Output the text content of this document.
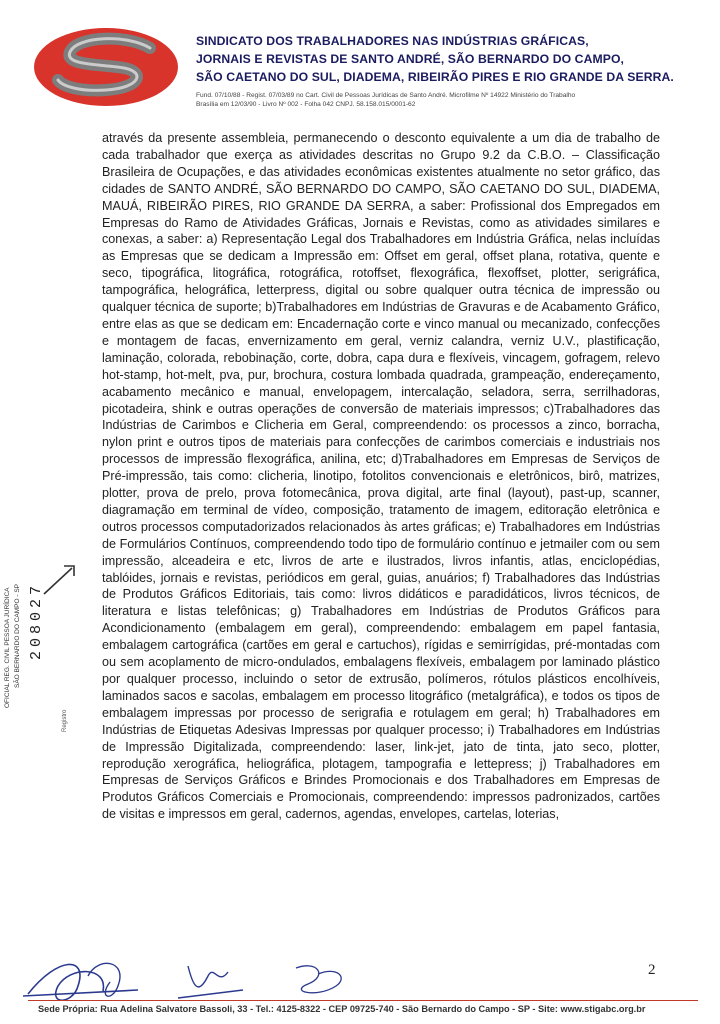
SINDICATO DOS TRABALHADORES NAS INDÚSTRIAS GRÁFICAS,
JORNAIS E REVISTAS DE SANTO ANDRÉ, SÃO BERNARDO DO CAMPO,
SÃO CAETANO DO SUL, DIADEMA, RIBEIRÃO PIRES E RIO GRANDE DA SERRA.
Fund. 07/10/88 - Regist. 07/03/89 no Cart. Civil de Pessoas Jurídicas de Santo André. Microfilme Nº 14922 Ministério do Trabalho
Brasília em 12/03/90 - Livro Nº 002 - Folha 042 CNPJ. 58.158.015/0001-62
através da presente assembleia, permanecendo o desconto equivalente a um dia de trabalho de cada trabalhador que exerça as atividades descritas no Grupo 9.2 da C.B.O. – Classificação Brasileira de Ocupações, e das atividades econômicas existentes atualmente no setor gráfico, das cidades de SANTO ANDRÉ, SÃO BERNARDO DO CAMPO, SÃO CAETANO DO SUL, DIADEMA, MAUÁ, RIBEIRÃO PIRES, RIO GRANDE DA SERRA, a saber: Profissional dos Empregados em Empresas do Ramo de Atividades Gráficas, Jornais e Revistas, como as atividades similares e conexas, a saber: a) Representação Legal dos Trabalhadores em Indústria Gráfica, nelas incluídas as Empresas que se dedicam a Impressão em: Offset em geral, offset plana, rotativa, quente e seco, tipográfica, litográfica, rotográfica, rotoffset, flexográfica, flexoffset, plotter, serigráfica, tampográfica, helográfica, letterpress, digital ou sobre qualquer outra técnica de impressão ou qualquer técnica de suporte; b)Trabalhadores em Indústrias de Gravuras e de Acabamento Gráfico, entre elas as que se dedicam em: Encadernação corte e vinco manual ou mecanizado, confecções e montagem de facas, envernizamento em geral, verniz calandra, verniz U.V., plastificação, laminação, colorada, rebobinação, corte, dobra, capa dura e flexíveis, vincagem, gofragem, relevo hot-stamp, hot-melt, pva, pur, brochura, costura lombada quadrada, grampeação, endereçamento, acabamento mecânico e manual, envelopagem, intercalação, seladora, serra, serrilhadoras, picotadeira, shink e outras operações de conversão de materiais impressos; c)Trabalhadores das Indústrias de Carimbos e Clicheria em Geral, compreendendo: os processos a zinco, borracha, nylon print e outros tipos de materiais para confecções de carimbos comerciais e industriais nos processos de impressão flexográfica, anilina, etc; d)Trabalhadores em Empresas de Serviços de Pré-impressão, tais como: clicheria, linotipo, fotolitos convencionais e eletrônicos, birô, matrizes, plotter, prova de prelo, prova fotomecânica, prova digital, arte final (layout), past-up, scanner, diagramação em terminal de vídeo, composição, tratamento de imagem, editoração eletrônica e outros processos computadorizados relacionados às artes gráficas; e) Trabalhadores em Indústrias de Formulários Contínuos, compreendendo todo tipo de formulário contínuo e jetmailer com ou sem impressão, alceadeira e etc, livros de arte e ilustrados, livros infantis, atlas, enciclopédias, tablóides, jornais e revistas, periódicos em geral, guias, anuários; f) Trabalhadores das Indústrias de Produtos Gráficos Editoriais, tais como: livros didáticos e paradidáticos, livros técnicos, de literatura e listas telefônicas; g) Trabalhadores em Indústrias de Produtos Gráficos para Acondicionamento (embalagem em geral), compreendendo: embalagem em papel fantasia, embalagem cartográfica (cartões em geral e cartuchos), rígidas e semirrígidas, pré-montadas com ou sem acoplamento de micro-ondulados, embalagens flexíveis, embalagem por laminado plástico por qualquer processo, incluindo o setor de extrusão, polímeros, rótulos plásticos encolhíveis, laminados sacos e sacolas, embalagem em processo litográfico (metalgráfica), e todos os tipos de embalagem impressas por processo de serigrafia e rotulagem em geral; h) Trabalhadores em Indústrias de Etiquetas Adesivas Impressas por qualquer processo; i) Trabalhadores em Indústrias de Impressão Digitalizada, compreendendo: laser, link-jet, jato de tinta, jato seco, plotter, reprodução xerográfica, heliográfica, plotagem, tampografia e lettepress; j) Trabalhadores em Empresas de Serviços Gráficos e Brindes Promocionais e dos Trabalhadores em Empresas de Produtos Gráficos Comerciais e Promocionais, compreendendo: impressos padronizados, cartões de visitas e impressos em geral, cadernos, agendas, envelopes, cartelas, loterias,
OFICIAL REG. CIVIL PESSOA JURÍDICA SÃO BERNARDO DO CAMPO - SP 208027
Registro
2
Sede Própria: Rua Adelina Salvatore Bassoli, 33 - Tel.: 4125-8322 - CEP 09725-740 - São Bernardo do Campo - SP - Site: www.stigabc.org.br
